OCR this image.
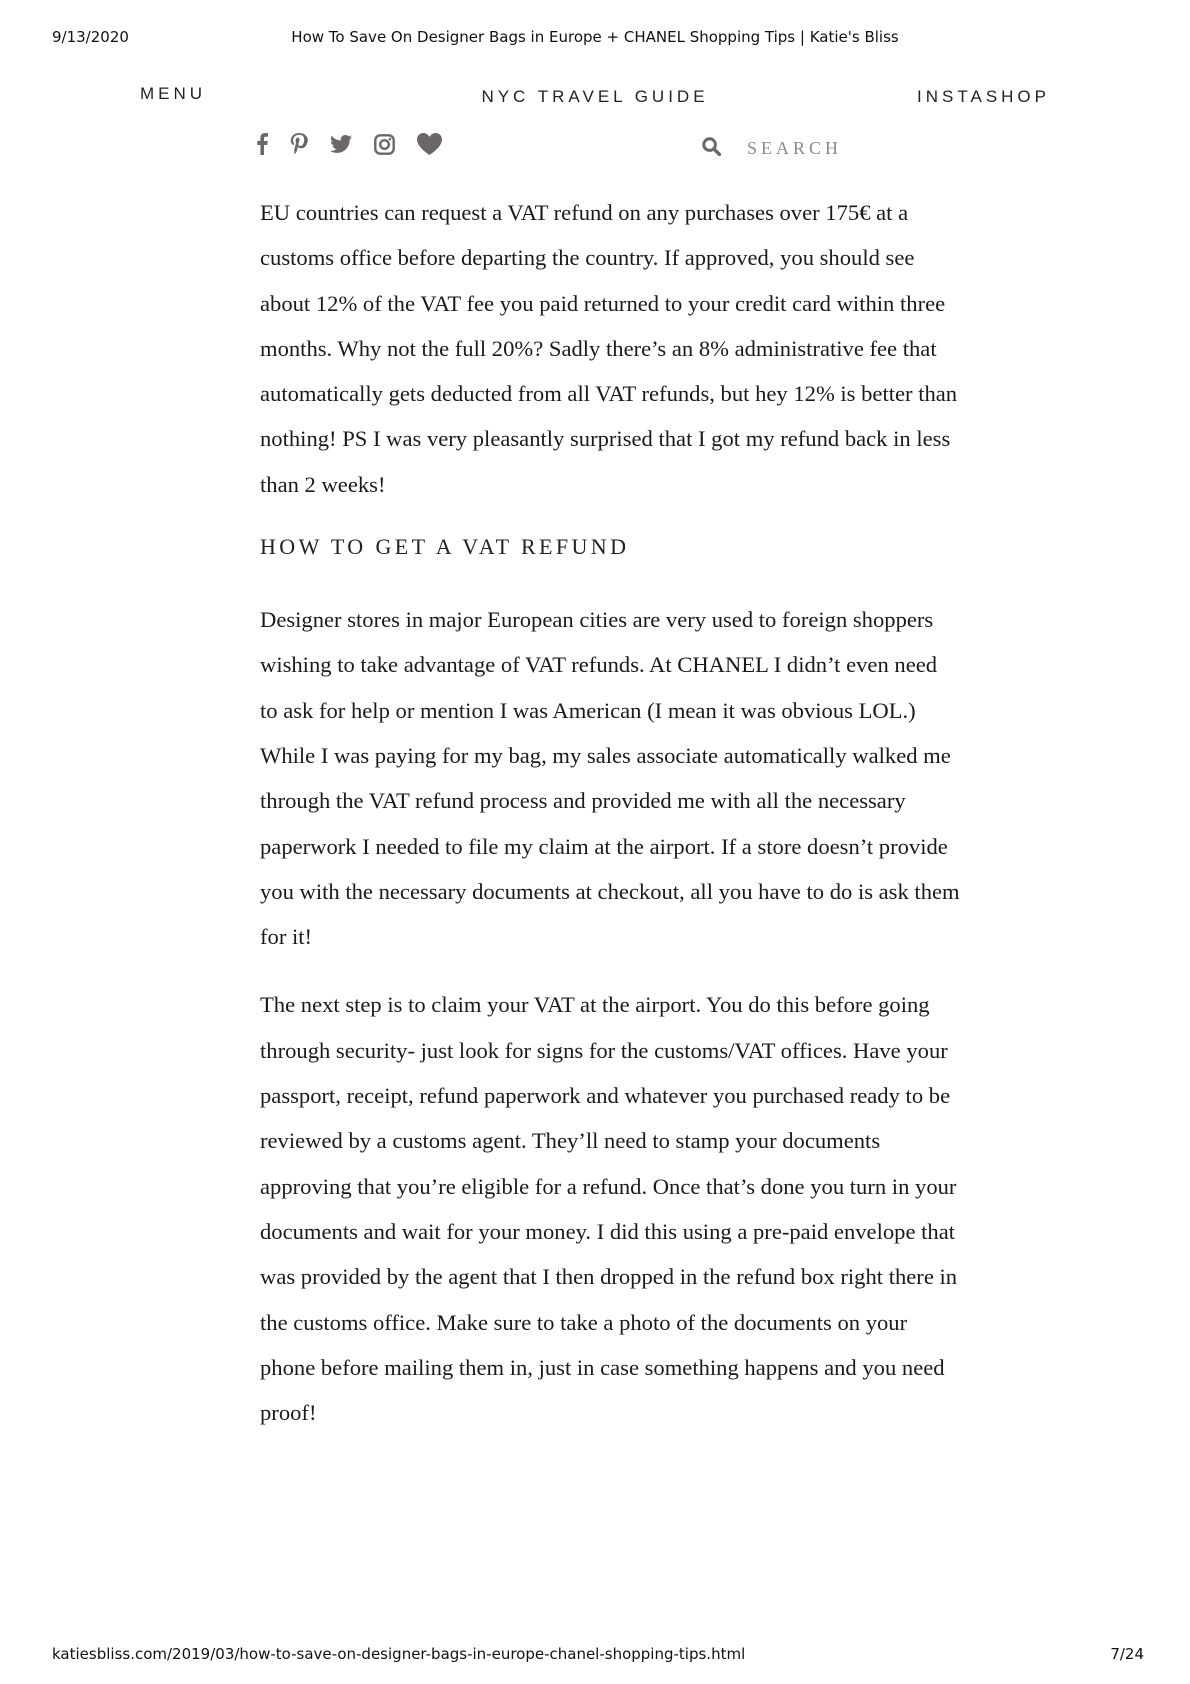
9/13/2020	How To Save On Designer Bags in Europe + CHANEL Shopping Tips | Katie's Bliss
MENU	NYC TRAVEL GUIDE	INSTASHOP
SEARCH

EU countries can request a VAT refund on any purchases over 175€ at a customs office before departing the country. If approved, you should see about 12% of the VAT fee you paid returned to your credit card within three months. Why not the full 20%? Sadly there’s an 8% administrative fee that automatically gets deducted from all VAT refunds, but hey 12% is better than nothing! PS I was very pleasantly surprised that I got my refund back in less than 2 weeks!

HOW TO GET A VAT REFUND

Designer stores in major European cities are very used to foreign shoppers wishing to take advantage of VAT refunds. At CHANEL I didn’t even need to ask for help or mention I was American (I mean it was obvious LOL.) While I was paying for my bag, my sales associate automatically walked me through the VAT refund process and provided me with all the necessary paperwork I needed to file my claim at the airport. If a store doesn’t provide you with the necessary documents at checkout, all you have to do is ask them for it!

The next step is to claim your VAT at the airport. You do this before going through security- just look for signs for the customs/VAT offices. Have your passport, receipt, refund paperwork and whatever you purchased ready to be reviewed by a customs agent. They’ll need to stamp your documents approving that you’re eligible for a refund. Once that’s done you turn in your documents and wait for your money. I did this using a pre-paid envelope that was provided by the agent that I then dropped in the refund box right there in the customs office. Make sure to take a photo of the documents on your phone before mailing them in, just in case something happens and you need proof!

katiesbliss.com/2019/03/how-to-save-on-designer-bags-in-europe-chanel-shopping-tips.html	7/24
